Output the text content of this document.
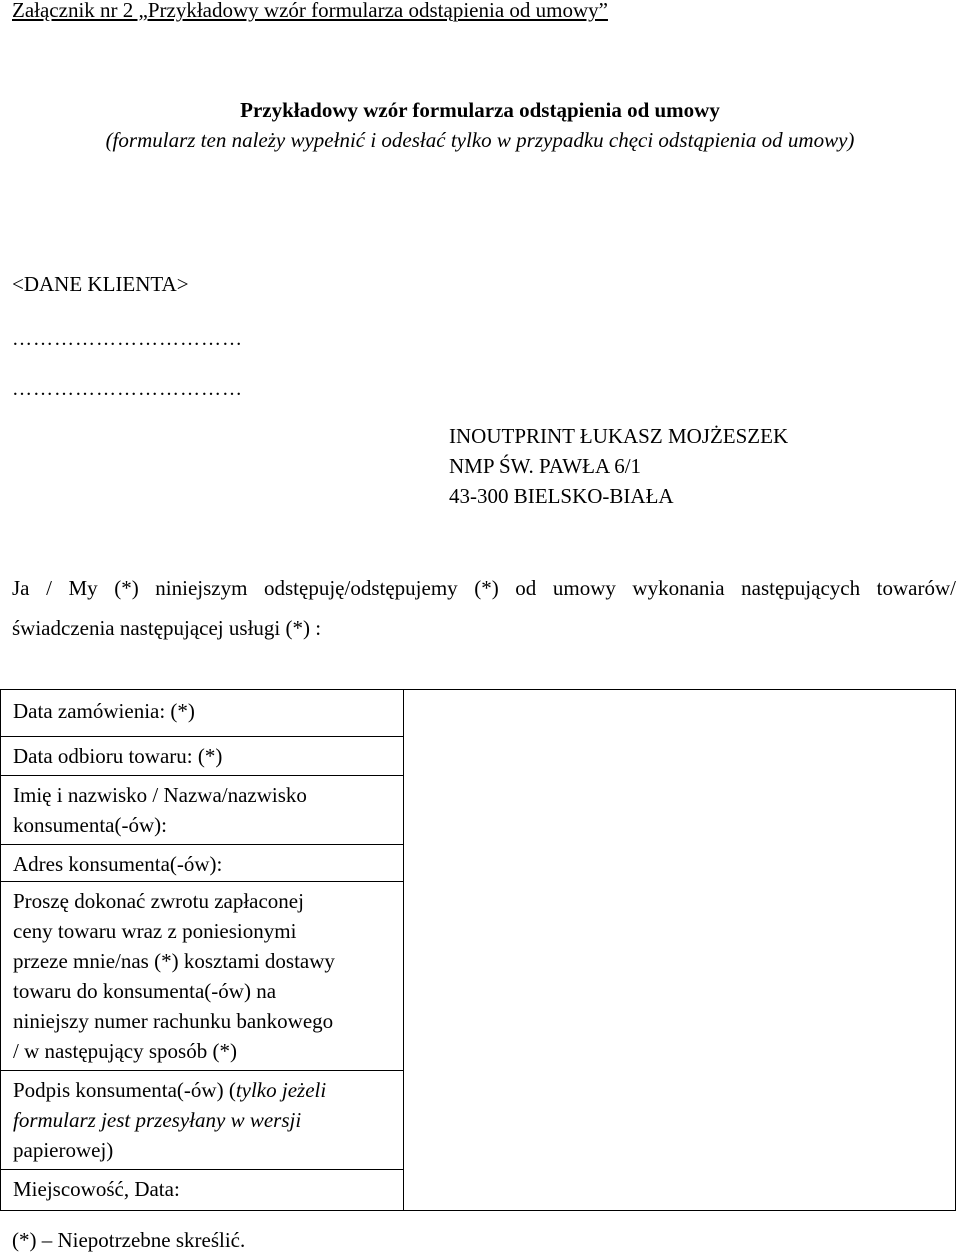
Załącznik nr 2 „Przykładowy wzór formularza odstąpienia od umowy”
Przykładowy wzór formularza odstąpienia od umowy
(formularz ten należy wypełnić i odesłać tylko w przypadku chęci odstąpienia od umowy)
<DANE KLIENTA>
……………………………
……………………………
INOUTPRINT ŁUKASZ MOJŻESZEK
NMP ŚW. PAWŁA 6/1
43-300 BIELSKO-BIAŁA
Ja / My (*) niniejszym odstępuję/odstępujemy (*) od umowy wykonania następujących towarów/
świadczenia następującej usługi (*) :
Data zamówienia: (*)	
Data odbioru towaru: (*)

Imię i nazwisko / Nazwa/nazwisko
konsumenta(-ów):

Adres konsumenta(-ów):

Proszę dokonać zwrotu zapłaconej
ceny towaru wraz z poniesionymi
przeze mnie/nas (*) kosztami dostawy
towaru do konsumenta(-ów) na
niniejszy numer rachunku bankowego
/ w następujący sposób (*)

Podpis konsumenta(-ów) (tylko jeżeli
formularz jest przesyłany w wersji
papierowej)

Miejscowość, Data:
(*) – Niepotrzebne skreślić.
